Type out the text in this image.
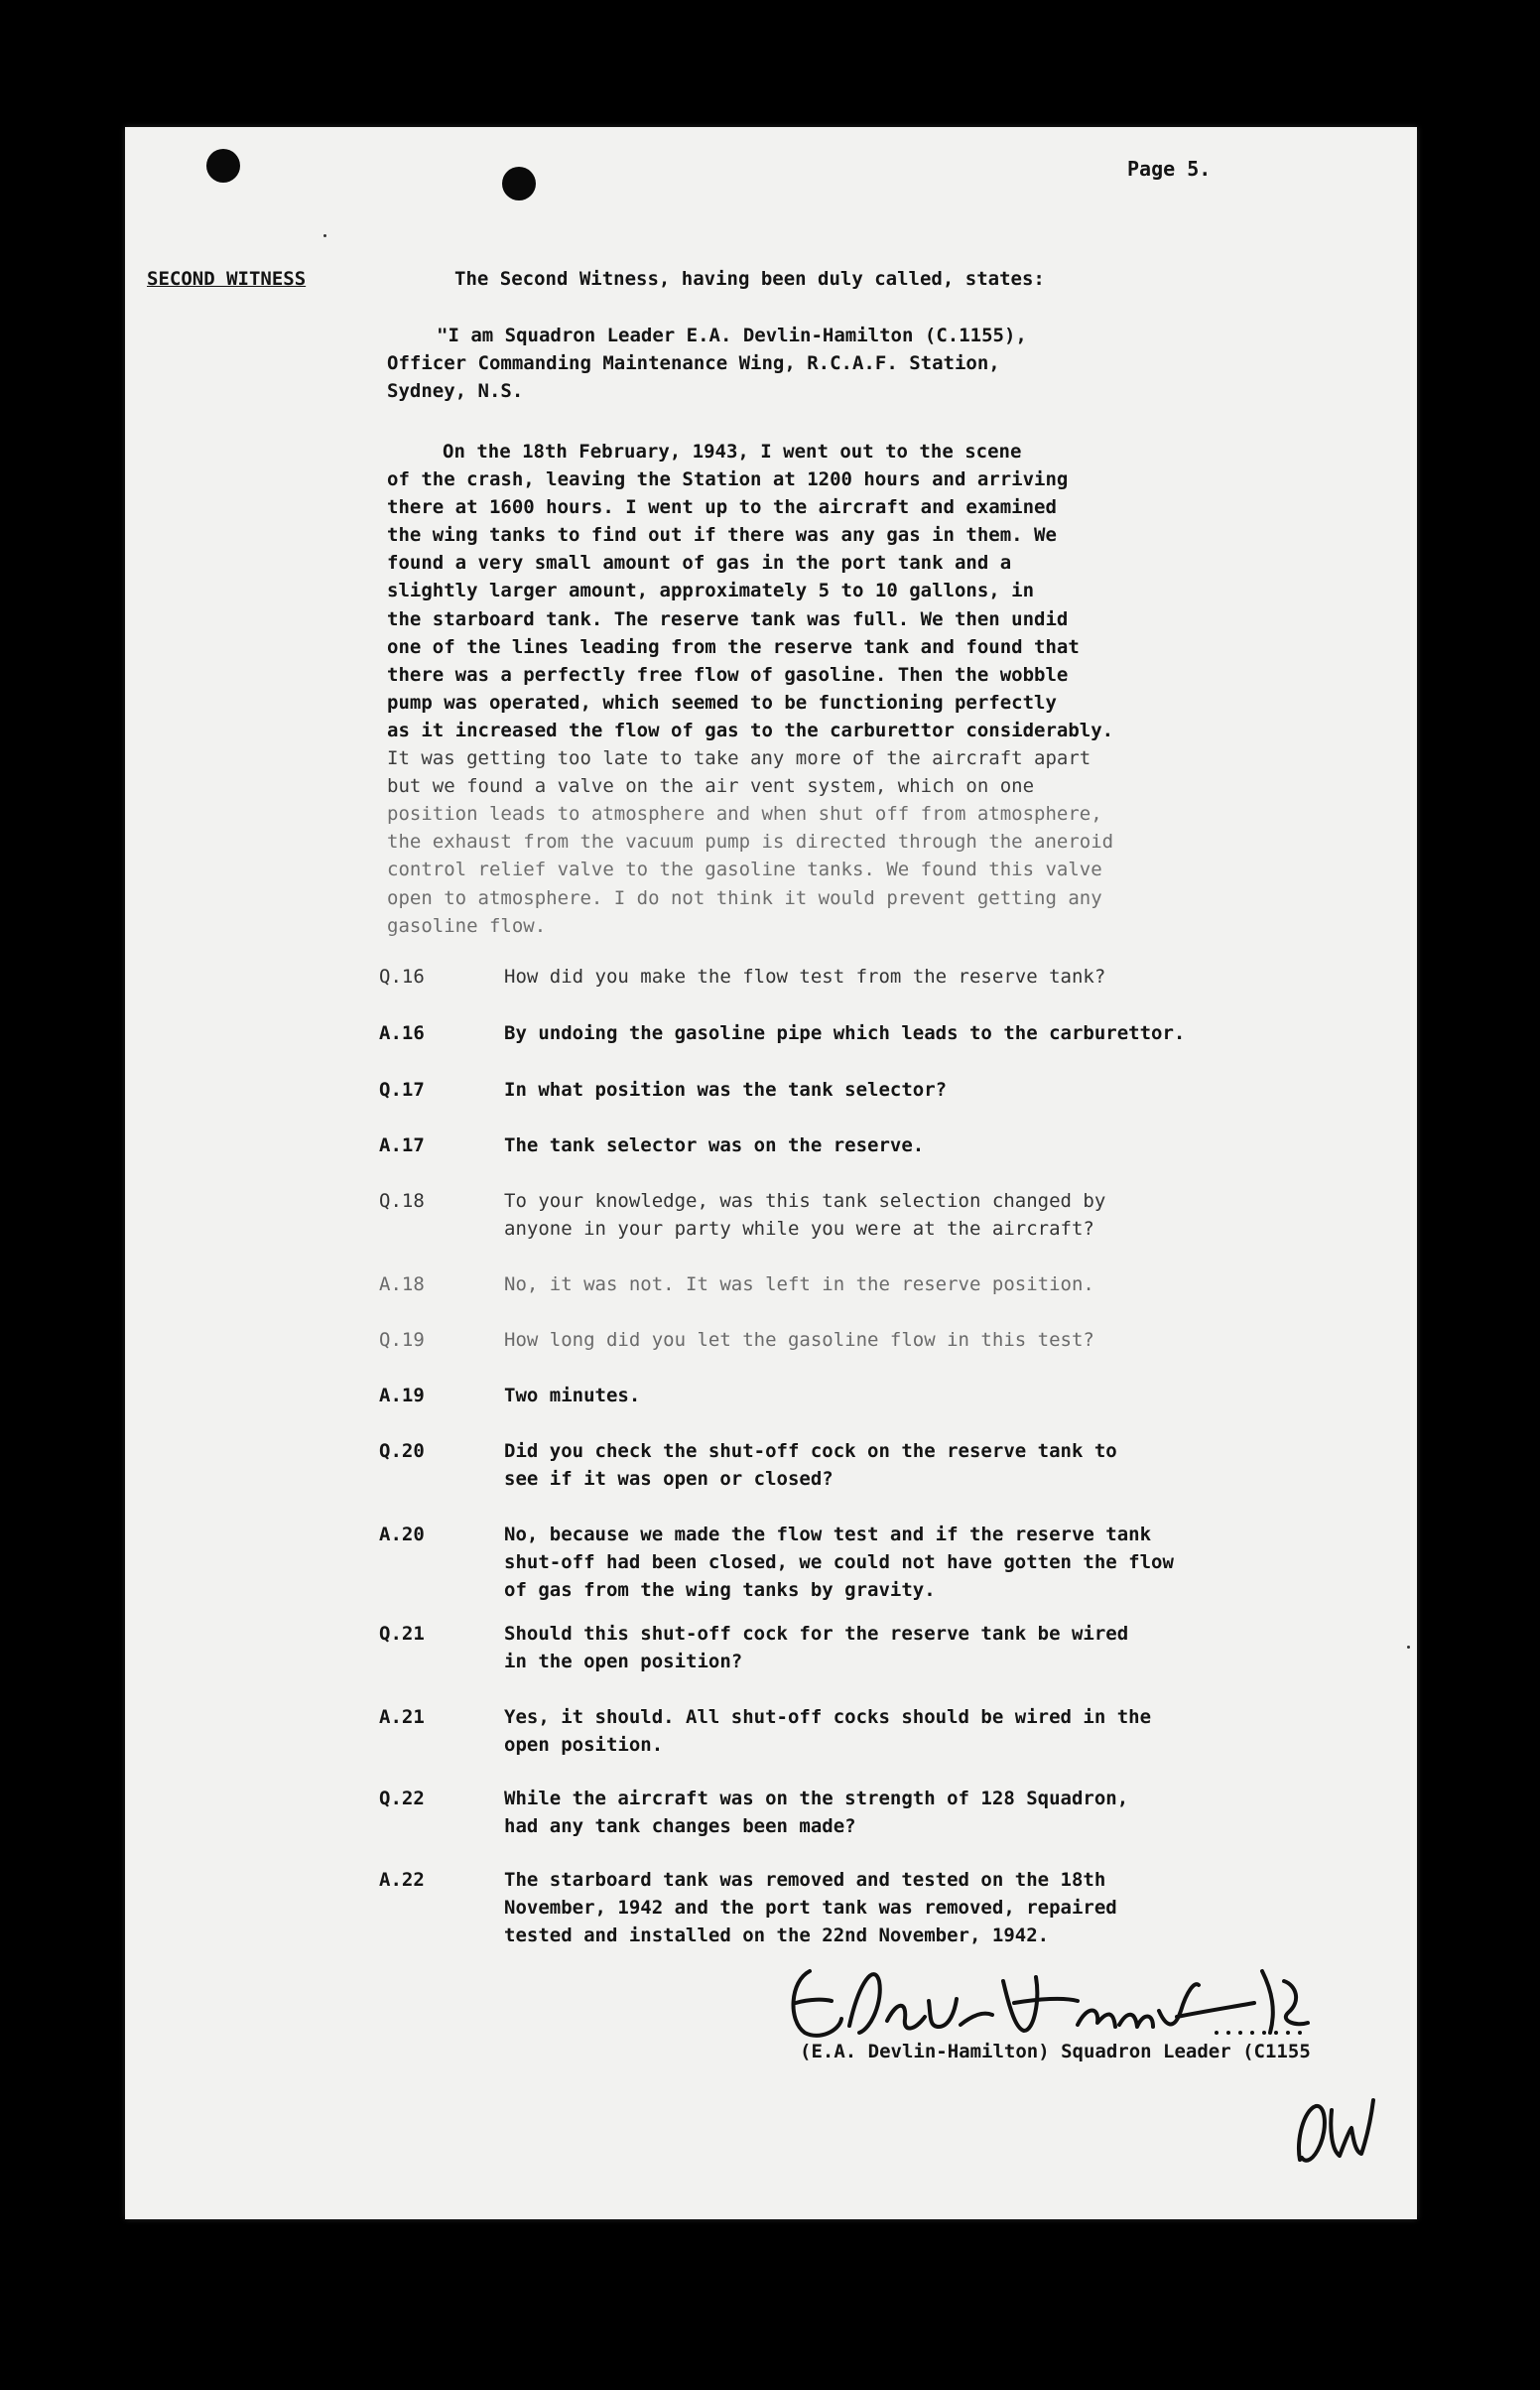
Page 5.
SECOND WITNESS	The Second Witness, having been duly called, states:
"I am Squadron Leader E.A. Devlin-Hamilton (C.1155),
Officer Commanding Maintenance Wing, R.C.A.F. Station,
Sydney, N.S.
On the 18th February, 1943, I went out to the scene
of the crash, leaving the Station at 1200 hours and arriving
there at 1600 hours. I went up to the aircraft and examined
the wing tanks to find out if there was any gas in them. We
found a very small amount of gas in the port tank and a
slightly larger amount, approximately 5 to 10 gallons, in
the starboard tank. The reserve tank was full. We then undid
one of the lines leading from the reserve tank and found that
there was a perfectly free flow of gasoline. Then the wobble
pump was operated, which seemed to be functioning perfectly
as it increased the flow of gas to the carburettor considerably.
It was getting too late to take any more of the aircraft apart
but we found a valve on the air vent system, which on one
position leads to atmosphere and when shut off from atmosphere,
the exhaust from the vacuum pump is directed through the aneroid
control relief valve to the gasoline tanks. We found this valve
open to atmosphere. I do not think it would prevent getting any
gasoline flow.
Q.16	How did you make the flow test from the reserve tank?
A.16	By undoing the gasoline pipe which leads to the carburettor.
Q.17	In what position was the tank selector?
A.17	The tank selector was on the reserve.
Q.18	To your knowledge, was this tank selection changed by
anyone in your party while you were at the aircraft?
A.18	No, it was not. It was left in the reserve position.
Q.19	How long did you let the gasoline flow in this test?
A.19	Two minutes.
Q.20	Did you check the shut-off cock on the reserve tank to
see if it was open or closed?
A.20	No, because we made the flow test and if the reserve tank
shut-off had been closed, we could not have gotten the flow
of gas from the wing tanks by gravity.
Q.21	Should this shut-off cock for the reserve tank be wired
in the open position?
A.21	Yes, it should. All shut-off cocks should be wired in the
open position.
Q.22	While the aircraft was on the strength of 128 Squadron,
had any tank changes been made?
A.22	The starboard tank was removed and tested on the 18th
November, 1942 and the port tank was removed, repaired
tested and installed on the 22nd November, 1942.
(E.A. Devlin-Hamilton) Squadron Leader (C1155
